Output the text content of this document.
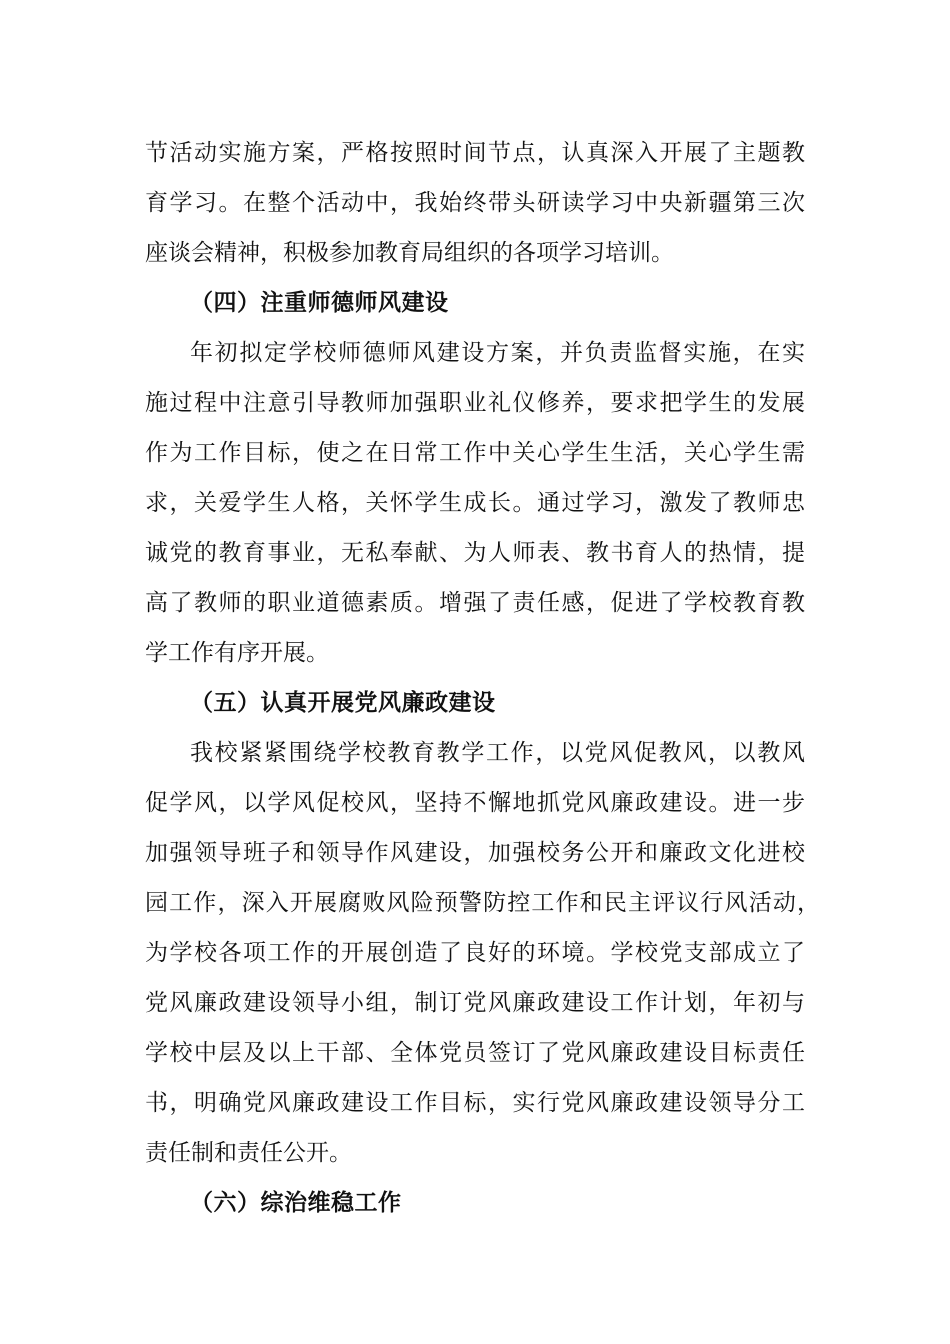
节活动实施方案，严格按照时间节点，认真深入开展了主题教

育学习。在整个活动中，我始终带头研读学习中央新疆第三次

座谈会精神，积极参加教育局组织的各项学习培训。

（四）注重师德师风建设

年初拟定学校师德师风建设方案，并负责监督实施，在实

施过程中注意引导教师加强职业礼仪修养，要求把学生的发展

作为工作目标，使之在日常工作中关心学生生活，关心学生需

求，关爱学生人格，关怀学生成长。通过学习，激发了教师忠

诚党的教育事业，无私奉献、为人师表、教书育人的热情，提

高了教师的职业道德素质。增强了责任感，促进了学校教育教

学工作有序开展。

（五）认真开展党风廉政建设

我校紧紧围绕学校教育教学工作，以党风促教风，以教风

促学风，以学风促校风，坚持不懈地抓党风廉政建设。进一步

加强领导班子和领导作风建设，加强校务公开和廉政文化进校

园工作，深入开展腐败风险预警防控工作和民主评议行风活动，

为学校各项工作的开展创造了良好的环境。学校党支部成立了

党风廉政建设领导小组，制订党风廉政建设工作计划，年初与

学校中层及以上干部、全体党员签订了党风廉政建设目标责任

书，明确党风廉政建设工作目标，实行党风廉政建设领导分工

责任制和责任公开。

（六）综治维稳工作
